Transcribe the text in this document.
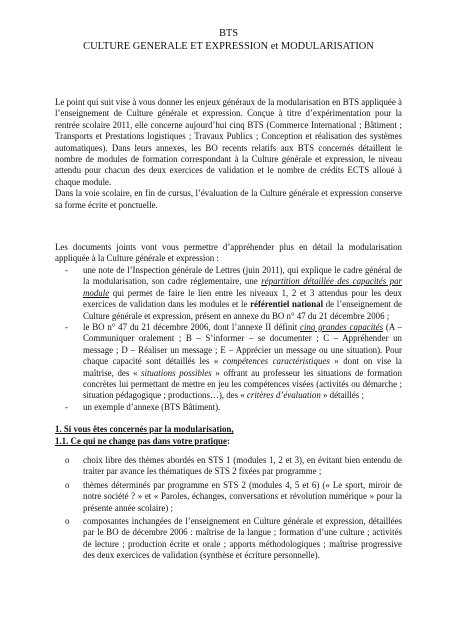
BTS
CULTURE GENERALE ET EXPRESSION et MODULARISATION

Le point qui suit vise à vous donner les enjeux généraux de la modularisation en BTS appliquée à l’enseignement de Culture générale et expression. Conçue à titre d’expérimentation pour la rentrée scolaire 2011, elle concerne aujourd’hui cinq BTS (Commerce International ; Bâtiment ; Transports et Prestations logistiques ; Travaux Publics ; Conception et réalisation des systèmes automatiques). Dans leurs annexes, les BO recents relatifs aux BTS concernés détaillent le nombre de modules de formation correspondant à la Culture générale et expression, le niveau attendu pour chacun des deux exercices de validation et le nombre de crédits ECTS alloué à chaque module.

Dans la voie scolaire, en fin de cursus, l’évaluation de la Culture générale et expression conserve sa forme écrite et ponctuelle.

Les documents joints vont vous permettre d’appréhender plus en détail la modularisation appliquée à la Culture générale et expression :

- une note de l’Inspection générale de Lettres (juin 2011), qui explique le cadre général de la modularisation, son cadre réglementaire, une répartition détaillée des capacités par module qui permet de faire le lien entre les niveaux 1, 2 et 3 attendus pour les deux exercices de validation dans les modules et le référentiel national de l’enseignement de Culture générale et expression, présent en annexe du BO n° 47 du 21 décembre 2006 ;
- le BO n° 47 du 21 décembre 2006, dont l’annexe II définit cinq grandes capacités (A – Communiquer oralement ; B – S’informer – se documenter ; C – Appréhender un message ; D – Réaliser un message ; E – Apprécier un message ou une situation). Pour chaque capacité sont détaillés les « compétences caractéristiques » dont on vise la maîtrise, des « situations possibles » offrant au professeur les situations de formation concrètes lui permettant de mettre en jeu les compétences visées (activités ou démarche ; situation pédagogique ; productions…), des « critères d’évaluation » détaillés ;
- un exemple d’annexe (BTS Bâtiment).
1. Si vous êtes concernés par la modularisation,
1.1. Ce qui ne change pas dans votre pratique:
o choix libre des thèmes abordés en STS 1 (modules 1, 2 et 3), en évitant bien entendu de traiter par avance les thématiques de STS 2 fixées par programme ;
o thèmes déterminés par programme en STS 2 (modules 4, 5 et 6) (« Le sport, miroir de notre société ? » et « Paroles, échanges, conversations et révolution numérique » pour la présente année scolaire) ;
o composantes inchangées de l’enseignement en Culture générale et expression, détaillées par le BO de décembre 2006 : maîtrise de la langue ; formation d’une culture ; activités de lecture ; production écrite et orale ; apports méthodologiques ; maîtrise progressive des deux exercices de validation (synthèse et écriture personnelle).
